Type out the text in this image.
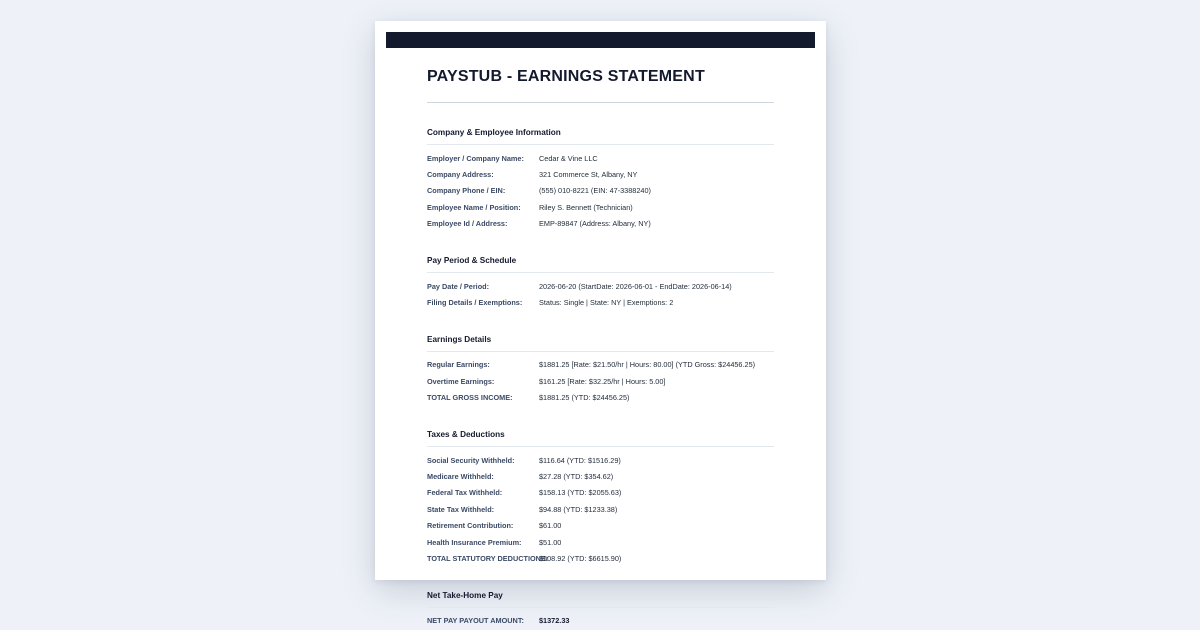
PAYSTUB - EARNINGS STATEMENT
Company & Employee Information
Employer / Company Name:	Cedar & Vine LLC
Company Address:	321 Commerce St, Albany, NY
Company Phone / EIN:	(555) 010-8221 (EIN: 47-3388240)
Employee Name / Position:	Riley S. Bennett (Technician)
Employee Id / Address:	EMP-89847 (Address: Albany, NY)
Pay Period & Schedule
Pay Date / Period:	2026-06-20 (StartDate: 2026-06-01 - EndDate: 2026-06-14)
Filing Details / Exemptions:	Status: Single | State: NY | Exemptions: 2
Earnings Details
Regular Earnings:	$1881.25 [Rate: $21.50/hr | Hours: 80.00] (YTD Gross: $24456.25)
Overtime Earnings:	$161.25 [Rate: $32.25/hr | Hours: 5.00]
TOTAL GROSS INCOME:	$1881.25 (YTD: $24456.25)
Taxes & Deductions
Social Security Withheld:	$116.64 (YTD: $1516.29)
Medicare Withheld:	$27.28 (YTD: $354.62)
Federal Tax Withheld:	$158.13 (YTD: $2055.63)
State Tax Withheld:	$94.88 (YTD: $1233.38)
Retirement Contribution:	$61.00
Health Insurance Premium:	$51.00
TOTAL STATUTORY DEDUCTIONS:
$508.92 (YTD: $6615.90)
Net Take-Home Pay
NET PAY PAYOUT AMOUNT:	$1372.33
